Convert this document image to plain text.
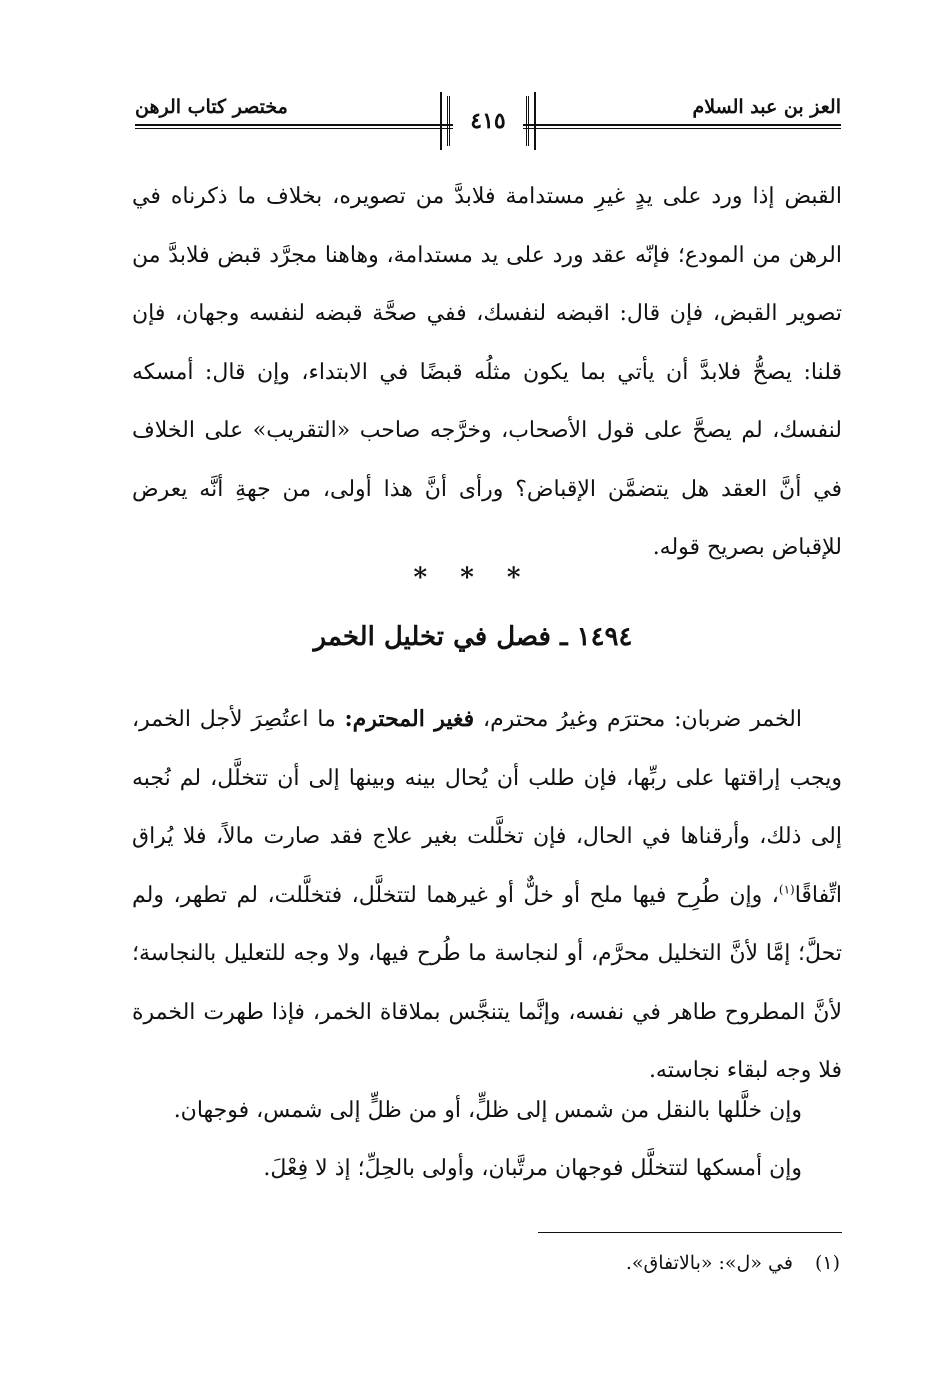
العز بن عبد السلام
مختصر كتاب الرهن
٤١٥
القبض إذا ورد على يدٍ غيرِ مستدامة فلابدَّ من تصويره، بخلاف ما ذكرناه في الرهن من المودع؛ فإنّه عقد ورد على يد مستدامة، وهاهنا مجرَّد قبض فلابدَّ من تصوير القبض، فإن قال: اقبضه لنفسك، ففي صحَّة قبضه لنفسه وجهان، فإن قلنا: يصحُّ فلابدَّ أن يأتي بما يكون مثلُه قبضًا في الابتداء، وإن قال: أمسكه لنفسك، لم يصحَّ على قول الأصحاب، وخرَّجه صاحب «التقريب» على الخلاف في أنَّ العقد هل يتضمَّن الإقباض؟ ورأى أنَّ هذا أولى، من جهةِ أنَّه يعرض للإقباض بصريح قوله.
* * *
١٤٩٤ ـ فصل في تخليل الخمر
الخمر ضربان: محترَم وغيرُ محترم، فغير المحترم: ما اعتُصِرَ لأجل الخمر، ويجب إراقتها على ربِّها، فإن طلب أن يُحال بينه وبينها إلى أن تتخلَّل، لم نُجبه إلى ذلك، وأرقناها في الحال، فإن تخلَّلت بغير علاج فقد صارت مالاً، فلا يُراق اتِّفاقًا$^{(١)}$، وإن طُرِح فيها ملح أو خلٌّ أو غيرهما لتتخلَّل، فتخلَّلت، لم تطهر، ولم تحلَّ؛ إمَّا لأنَّ التخليل محرَّم، أو لنجاسة ما طُرح فيها، ولا وجه للتعليل بالنجاسة؛ لأنَّ المطروح طاهر في نفسه، وإنَّما يتنجَّس بملاقاة الخمر، فإذا طهرت الخمرة فلا وجه لبقاء نجاسته.
وإن خلَّلها بالنقل من شمس إلى ظلٍّ، أو من ظلٍّ إلى شمس، فوجهان.
وإن أمسكها لتتخلَّل فوجهان مرتَّبان، وأولى بالحِلِّ؛ إذ لا فِعْلَ.
(١)في «ل»: «بالاتفاق».
